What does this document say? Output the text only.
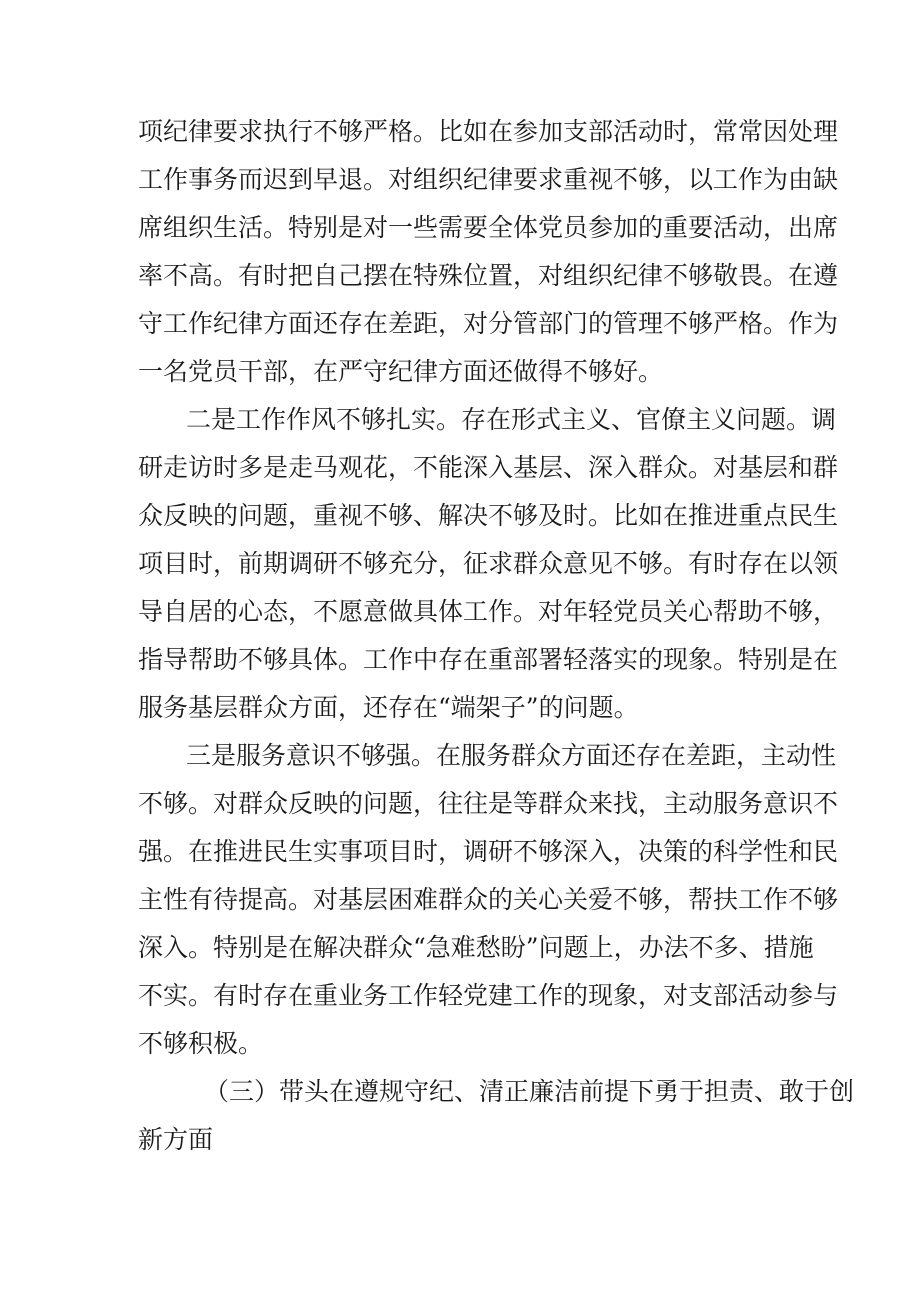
项纪律要求执行不够严格。比如在参加支部活动时，常常因处理
工作事务而迟到早退。对组织纪律要求重视不够，以工作为由缺
席组织生活。特别是对一些需要全体党员参加的重要活动，出席
率不高。有时把自己摆在特殊位置，对组织纪律不够敬畏。在遵
守工作纪律方面还存在差距，对分管部门的管理不够严格。作为
一名党员干部，在严守纪律方面还做得不够好。
二是工作作风不够扎实。存在形式主义、官僚主义问题。调
研走访时多是走马观花，不能深入基层、深入群众。对基层和群
众反映的问题，重视不够、解决不够及时。比如在推进重点民生
项目时，前期调研不够充分，征求群众意见不够。有时存在以领
导自居的心态，不愿意做具体工作。对年轻党员关心帮助不够，
指导帮助不够具体。工作中存在重部署轻落实的现象。特别是在
服务基层群众方面，还存在“端架子”的问题。
三是服务意识不够强。在服务群众方面还存在差距，主动性
不够。对群众反映的问题，往往是等群众来找，主动服务意识不
强。在推进民生实事项目时，调研不够深入，决策的科学性和民
主性有待提高。对基层困难群众的关心关爱不够，帮扶工作不够
深入。特别是在解决群众“急难愁盼”问题上，办法不多、措施
不实。有时存在重业务工作轻党建工作的现象，对支部活动参与
不够积极。
（三）带头在遵规守纪、清正廉洁前提下勇于担责、敢于创
新方面
